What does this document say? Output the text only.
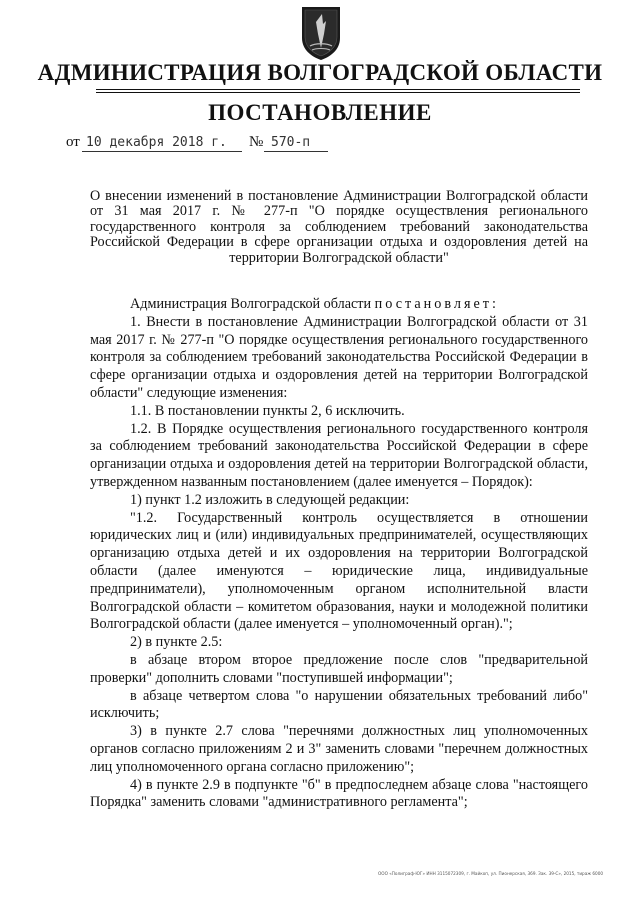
АДМИНИСТРАЦИЯ ВОЛГОГРАДСКОЙ ОБЛАСТИ
ПОСТАНОВЛЕНИЕ
от 10 декабря 2018 г. № 570-п
О внесении изменений в постановление Администрации Волгоградской области от 31 мая 2017 г. № 277-п "О порядке осуществления регионального государственного контроля за соблюдением требований законодательства Российской Федерации в сфере организации отдыха и оздоровления детей на территории Волгоградской области"

Администрация Волгоградской области постановляет:

1. Внести в постановление Администрации Волгоградской области от 31 мая 2017 г. № 277-п "О порядке осуществления регионального государственного контроля за соблюдением требований законодательства Российской Федерации в сфере организации отдыха и оздоровления детей на территории Волгоградской области" следующие изменения:

1.1. В постановлении пункты 2, 6 исключить.

1.2. В Порядке осуществления регионального государственного контроля за соблюдением требований законодательства Российской Федерации в сфере организации отдыха и оздоровления детей на территории Волгоградской области, утвержденном названным постановлением (далее именуется – Порядок):

1) пункт 1.2 изложить в следующей редакции:

"1.2. Государственный контроль осуществляется в отношении юридических лиц и (или) индивидуальных предпринимателей, осуществляющих организацию отдыха детей и их оздоровления на территории Волгоградской области (далее именуются – юридические лица, индивидуальные предприниматели), уполномоченным органом исполнительной власти Волгоградской области – комитетом образования, науки и молодежной политики Волгоградской области (далее именуется – уполномоченный орган).";

2) в пункте 2.5:

в абзаце втором второе предложение после слов "предварительной проверки" дополнить словами "поступившей информации";

в абзаце четвертом слова "о нарушении обязательных требований либо" исключить;

3) в пункте 2.7 слова "перечнями должностных лиц уполномоченных органов согласно приложениям 2 и 3" заменить словами "перечнем должностных лиц уполномоченного органа согласно приложению";

4) в пункте 2.9 в подпункте "б" в предпоследнем абзаце слова "настоящего Порядка" заменить словами "административного регламента";

ООО «Полиграф-ЮГ» ИНН 3115072309, г. Майкоп, ул. Пионерская, 369. Зак. 39-С», 2015, тираж 6000
